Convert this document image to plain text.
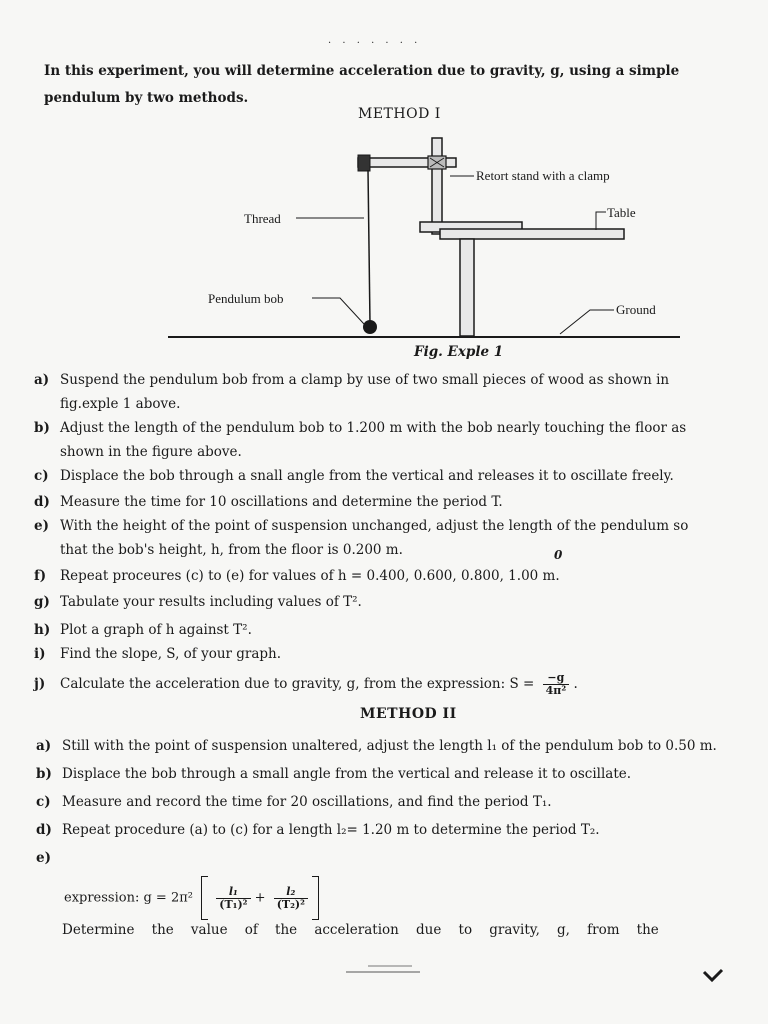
· · · · · · ·
In this experiment, you will determine acceleration due to gravity, g, using a simple pendulum by two methods.
METHOD I
Retort stand with a clamp
Table
Thread
Pendulum bob
Ground
Fig. Exple 1
a) Suspend the pendulum bob from a clamp by use of two small pieces of wood as shown in fig.exple 1 above.
b) Adjust the length of the pendulum bob to 1.200 m with the bob nearly touching the floor as shown in the figure above.
c) Displace the bob through a snall angle from the vertical and releases it to oscillate freely.
d) Measure the time for 10 oscillations and determine the period T.
e) With the height of the point of suspension unchanged, adjust the length of the pendulum so that the bob's height, h, from the floor is 0.200 m.
f) Repeat proceures (c) to (e) for values of h = 0.400, 0.600, 0.800, 1.00 m.
0
g) Tabulate your results including values of T².
h) Plot a graph of h against T².
i) Find the slope, S, of your graph.
j) Calculate the acceleration due to gravity, g, from the expression: $S = \frac{-g}{\text{4π²}}$ .
METHOD II
a) Still with the point of suspension unaltered, adjust the length l₁ of the pendulum bob to 0.50 m.
b) Displace the bob through a small angle from the vertical and release it to oscillate.
c) Measure and record the time for 20 oscillations, and find the period T₁.
d) Repeat procedure (a) to (c) for a length l₂= 1.20 m to determine the period T₂.

e)

Determine    the    value    of    the    acceleration    due    to    gravity,    g,    from    the

expression: $g = 2\pi^2 \frac{\text{l₁}}{\text{(T₁)²}} + \frac{\text{l₂}}{\text{(T₂)²}}$
